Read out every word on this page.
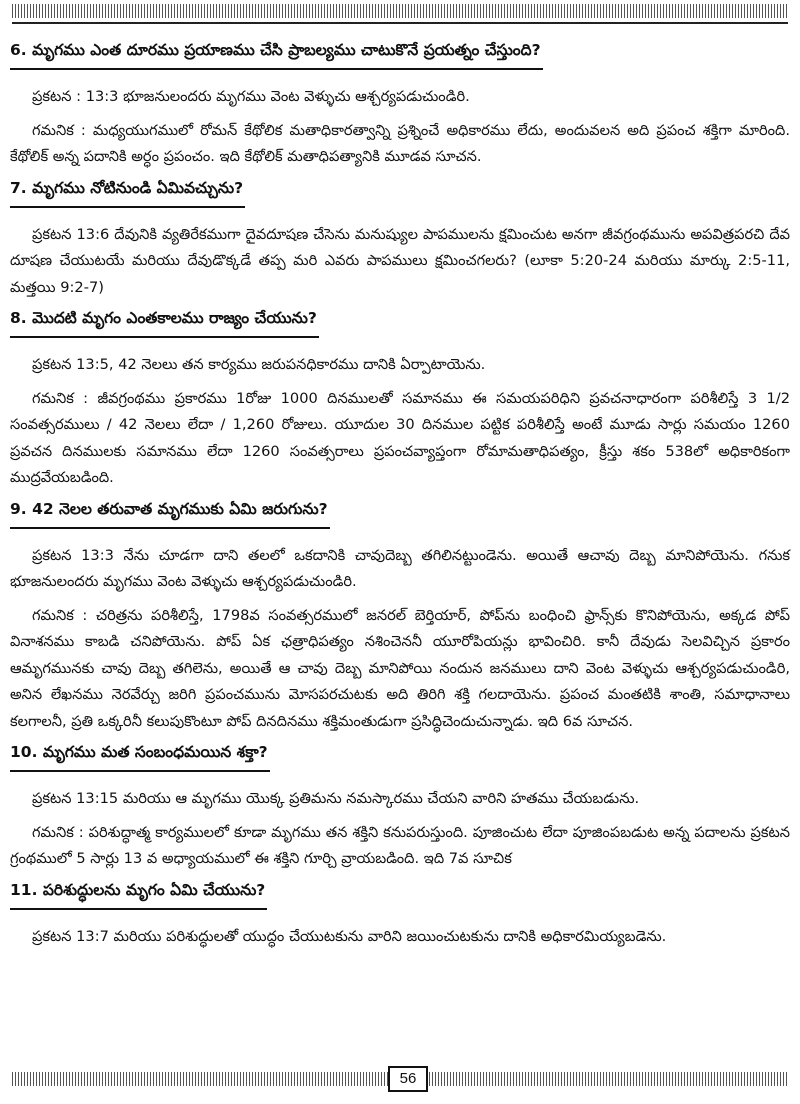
6. మృగము ఎంత దూరము ప్రయాణము చేసి ప్రాబల్యము చాటుకొనే ప్రయత్నం చేస్తుంది?

ప్రకటన : 13:3 భూజనులందరు మృగము వెంట వెళ్ళుచు ఆశ్చర్యపడుచుండిరి.

గమనిక : మధ్యయుగములో రోమన్ కేథోలిక మతాధికారత్వాన్ని ప్రశ్నించే అధికారము లేదు, అందువలన అది ప్రపంచ శక్తిగా మారింది. కేథోలిక్ అన్న పదానికి అర్ధం ప్రపంచం. ఇది కేథోలిక్ మతాధిపత్యానికి మూడవ సూచన.

7. మృగము నోటినుండి ఏమివచ్చును?

ప్రకటన 13:6 దేవునికి వ్యతిరేకముగా దైవదూషణ చేసెను మనుష్యుల పాపములను క్షమించుట అనగా జీవగ్రంథమును అపవిత్రపరచి దేవ దూషణ చేయుటయే మరియు దేవుడొక్కడే తప్ప మరి ఎవరు పాపములు క్షమించగలరు? (లూకా 5:20-24 మరియు మార్కు 2:5-11, మత్తయి 9:2-7)

8. మొదటి మృగం ఎంతకాలము రాజ్యం చేయును?

ప్రకటన 13:5, 42 నెలలు తన కార్యము జరుపనధికారము దానికి ఏర్పాటాయెను.

గమనిక : జీవగ్రంథము ప్రకారము 1రోజు 1000 దినములతో సమానము ఈ సమయపరిధిని ప్రవచనాధారంగా పరిశీలిస్తే 3 1/2 సంవత్సరములు / 42 నెలలు లేదా / 1,260 రోజులు. యూదుల 30 దినముల పట్టిక పరిశీలిస్తే అంటే మూడు సార్లు సమయం 1260 ప్రవచన దినములకు సమానము లేదా 1260 సంవత్సరాలు ప్రపంచవ్యాప్తంగా రోమామతాధిపత్యం, క్రీస్తు శకం 538లో అధికారికంగా ముద్రవేయబడింది.

9. 42 నెలల తరువాత మృగముకు ఏమి జరుగును?

ప్రకటన 13:3 నేను చూడగా దాని తలలో ఒకదానికి చావుదెబ్బ తగిలినట్టుండెను. అయితే ఆచావు దెబ్బ మానిపోయెను. గనుక భూజనులందరు మృగము వెంట వెళ్ళుచు ఆశ్చర్యపడుచుండిరి.

గమనిక : చరిత్రను పరిశీలిస్తే, 1798వ సంవత్సరములో జనరల్ బెర్తియార్, పోప్‌ను బంధించి ఫ్రాన్స్‌కు కొనిపోయెను, అక్కడ పోప్ వినాశనము కాబడి చనిపోయెను. పోప్ ఏక ఛత్రాధిపత్యం నశించెననీ యూరోపియన్లు భావించిరి. కానీ దేవుడు సెలవిచ్చిన ప్రకారం ఆమృగమునకు చావు దెబ్బ తగిలెను, అయితే ఆ చావు దెబ్బ మానిపోయి నందున జనములు దాని వెంట వెళ్ళుచు ఆశ్చర్యపడుచుండిరి, అనిన లేఖనము నెరవేర్చు జరిగి ప్రపంచమును మోసపరచుటకు అది తిరిగి శక్తి గలదాయెను. ప్రపంచ మంతటికి శాంతి, సమాధానాలు కలగాలనీ, ప్రతి ఒక్కరినీ కలుపుకొంటూ పోప్ దినదినము శక్తిమంతుడుగా ప్రసిద్ధిచెందుచున్నాడు. ఇది 6వ సూచన.

10. మృగము మత సంబంధమయిన శక్తా?

ప్రకటన 13:15 మరియు ఆ మృగము యొక్క ప్రతిమను నమస్కారము చేయని వారిని హతము చేయబడును.

గమనిక : పరిశుద్ధాత్మ కార్యములలో కూడా మృగము తన శక్తిని కనుపరుస్తుంది. పూజించుట లేదా పూజింపబడుట అన్న పదాలను ప్రకటన గ్రంథములో 5 సార్లు 13 వ అధ్యాయములో ఈ శక్తిని గూర్చి వ్రాయబడింది. ఇది 7వ సూచిక

11. పరిశుద్ధులను మృగం ఏమి చేయును?

ప్రకటన 13:7 మరియు పరిశుద్ధులతో యుద్ధం చేయుటకును వారిని జయించుటకును దానికి అధికారమియ్యబడెను.

56
